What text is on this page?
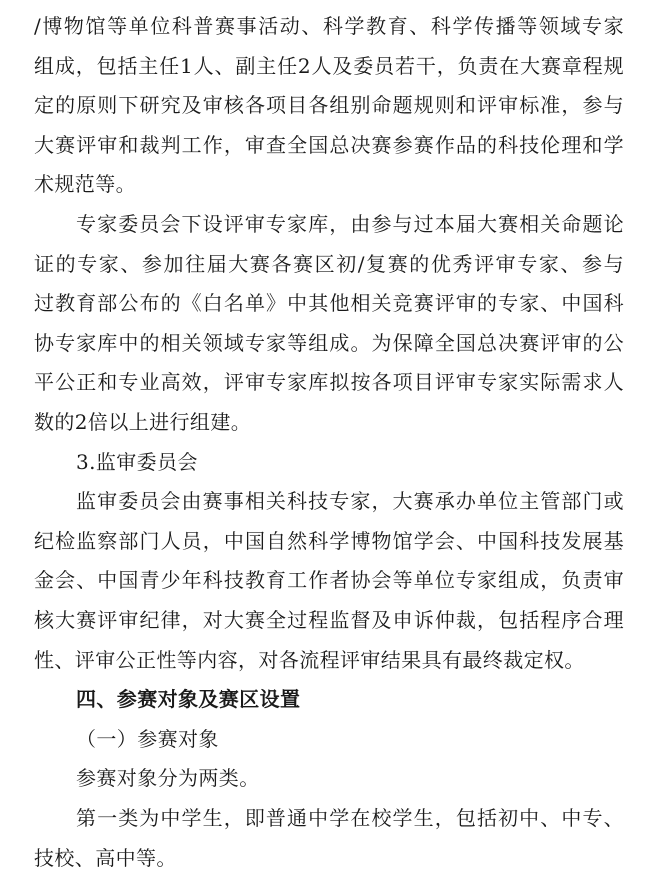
/博物馆等单位科普赛事活动、科学教育、科学传播等领域专家
组成，包括主任1人、副主任2人及委员若干，负责在大赛章程规
定的原则下研究及审核各项目各组别命题规则和评审标准，参与
大赛评审和裁判工作，审查全国总决赛参赛作品的科技伦理和学
术规范等。
专家委员会下设评审专家库，由参与过本届大赛相关命题论
证的专家、参加往届大赛各赛区初/复赛的优秀评审专家、参与
过教育部公布的《白名单》中其他相关竞赛评审的专家、中国科
协专家库中的相关领域专家等组成。为保障全国总决赛评审的公
平公正和专业高效，评审专家库拟按各项目评审专家实际需求人
数的2倍以上进行组建。
3.监审委员会
监审委员会由赛事相关科技专家，大赛承办单位主管部门或
纪检监察部门人员，中国自然科学博物馆学会、中国科技发展基
金会、中国青少年科技教育工作者协会等单位专家组成，负责审
核大赛评审纪律，对大赛全过程监督及申诉仲裁，包括程序合理
性、评审公正性等内容，对各流程评审结果具有最终裁定权。
四、参赛对象及赛区设置
（一）参赛对象
参赛对象分为两类。
第一类为中学生，即普通中学在校学生，包括初中、中专、
技校、高中等。
